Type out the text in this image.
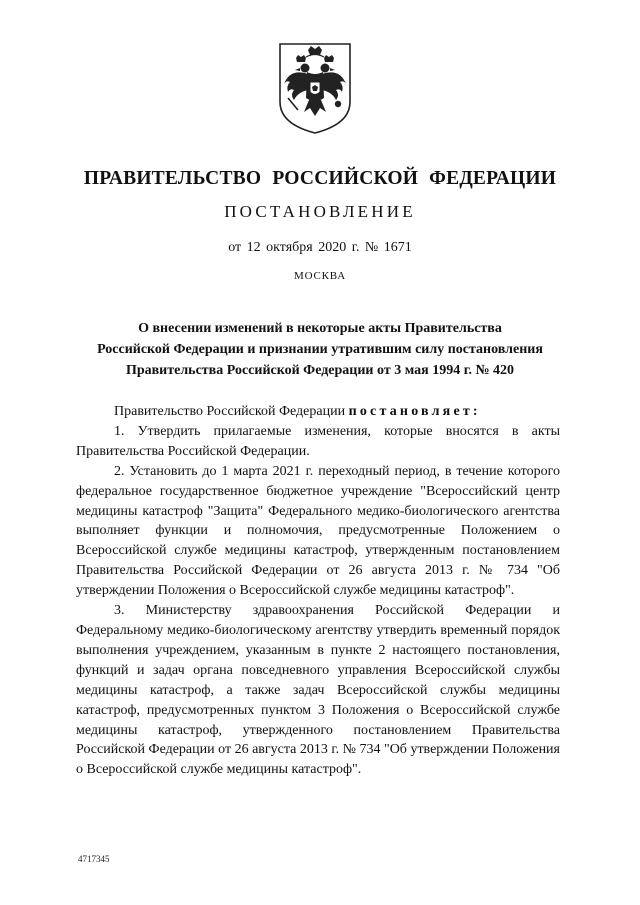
ПРАВИТЕЛЬСТВО РОССИЙСКОЙ ФЕДЕРАЦИИ
ПОСТАНОВЛЕНИЕ
от 12 октября 2020 г. № 1671
МОСКВА
О внесении изменений в некоторые акты Правительства
Российской Федерации и признании утратившим силу постановления
Правительства Российской Федерации от 3 мая 1994 г. № 420

Правительство Российской Федерации постановляет:

1. Утвердить прилагаемые изменения, которые вносятся в акты Правительства Российской Федерации.

2. Установить до 1 марта 2021 г. переходный период, в течение которого федеральное государственное бюджетное учреждение "Всероссийский центр медицины катастроф "Защита" Федерального медико-биологического агентства выполняет функции и полномочия, предусмотренные Положением о Всероссийской службе медицины катастроф, утвержденным постановлением Правительства Российской Федерации от 26 августа 2013 г. № 734 "Об утверждении Положения о Всероссийской службе медицины катастроф".

3. Министерству здравоохранения Российской Федерации и Федеральному медико-биологическому агентству утвердить временный порядок выполнения учреждением, указанным в пункте 2 настоящего постановления, функций и задач органа повседневного управления Всероссийской службы медицины катастроф, а также задач Всероссийской службы медицины катастроф, предусмотренных пунктом 3 Положения о Всероссийской службе медицины катастроф, утвержденного постановлением Правительства Российской Федерации от 26 августа 2013 г. № 734 "Об утверждении Положения о Всероссийской службе медицины катастроф".

4717345
